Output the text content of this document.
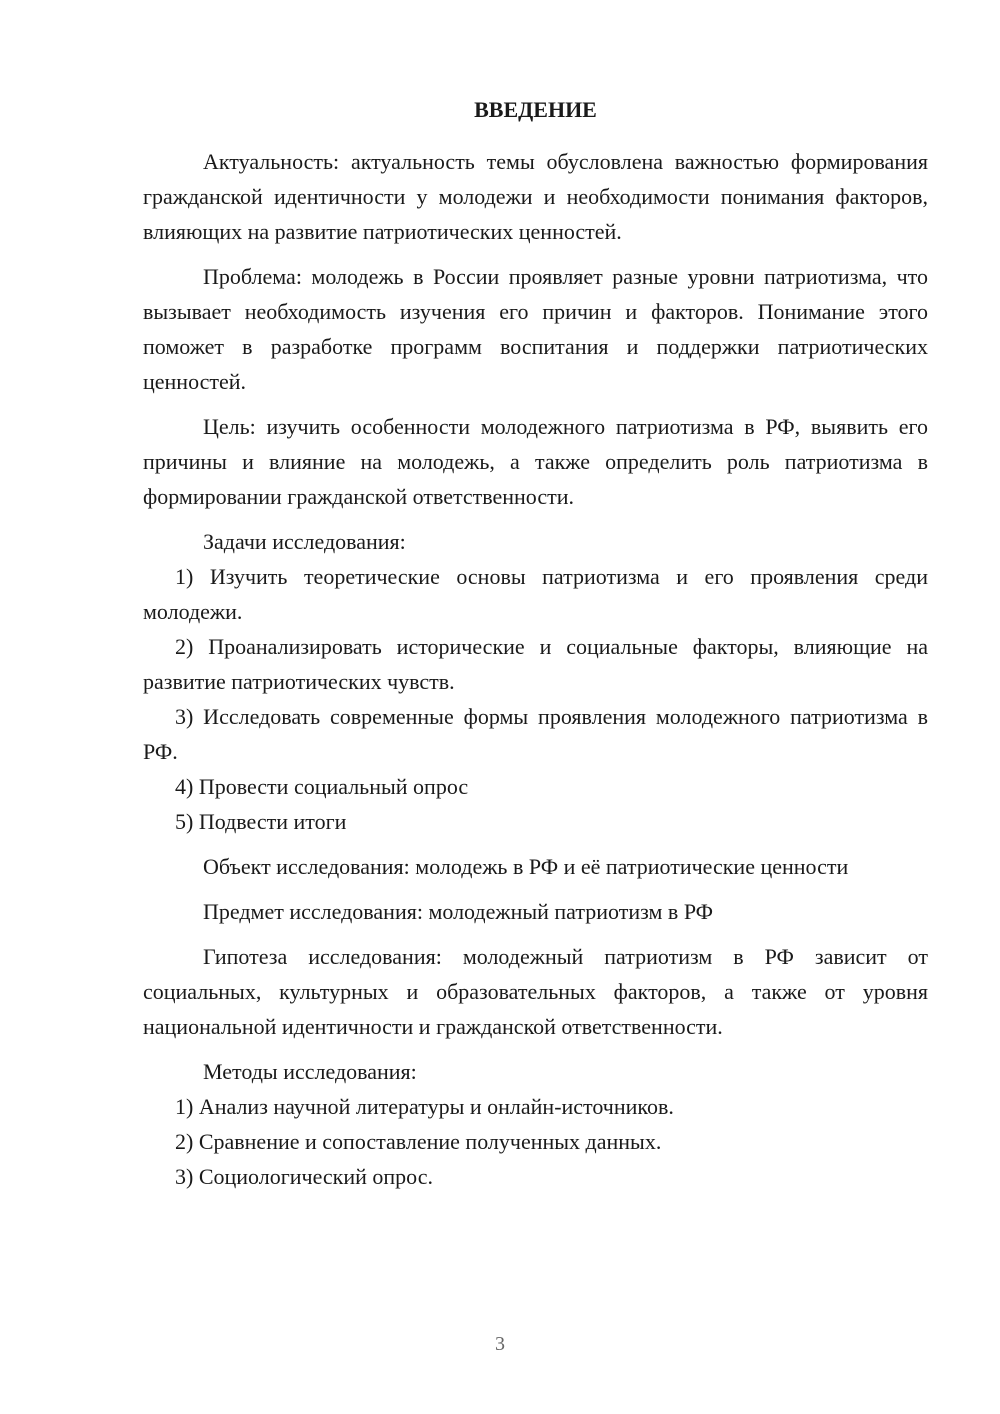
ВВЕДЕНИЕ

Актуальность: актуальность темы обусловлена важностью формирования гражданской идентичности у молодежи и необходимости понимания факторов, влияющих на развитие патриотических ценностей.

Проблема: молодежь в России проявляет разные уровни патриотизма, что вызывает необходимость изучения его причин и факторов. Понимание этого поможет в разработке программ воспитания и поддержки патриотических ценностей.

Цель: изучить особенности молодежного патриотизма в РФ, выявить его причины и влияние на молодежь, а также определить роль патриотизма в формировании гражданской ответственности.

Задачи исследования:

1) Изучить теоретические основы патриотизма и его проявления среди молодежи.

2) Проанализировать исторические и социальные факторы, влияющие на развитие патриотических чувств.

3) Исследовать современные формы проявления молодежного патриотизма в РФ.

4) Провести социальный опрос

5) Подвести итоги

Объект исследования: молодежь в РФ и её патриотические ценности

Предмет исследования: молодежный патриотизм в РФ

Гипотеза исследования: молодежный патриотизм в РФ зависит от социальных, культурных и образовательных факторов, а также от уровня национальной идентичности и гражданской ответственности.

Методы исследования:

1) Анализ научной литературы и онлайн-источников.

2) Сравнение и сопоставление полученных данных.

3) Социологический опрос.

3
